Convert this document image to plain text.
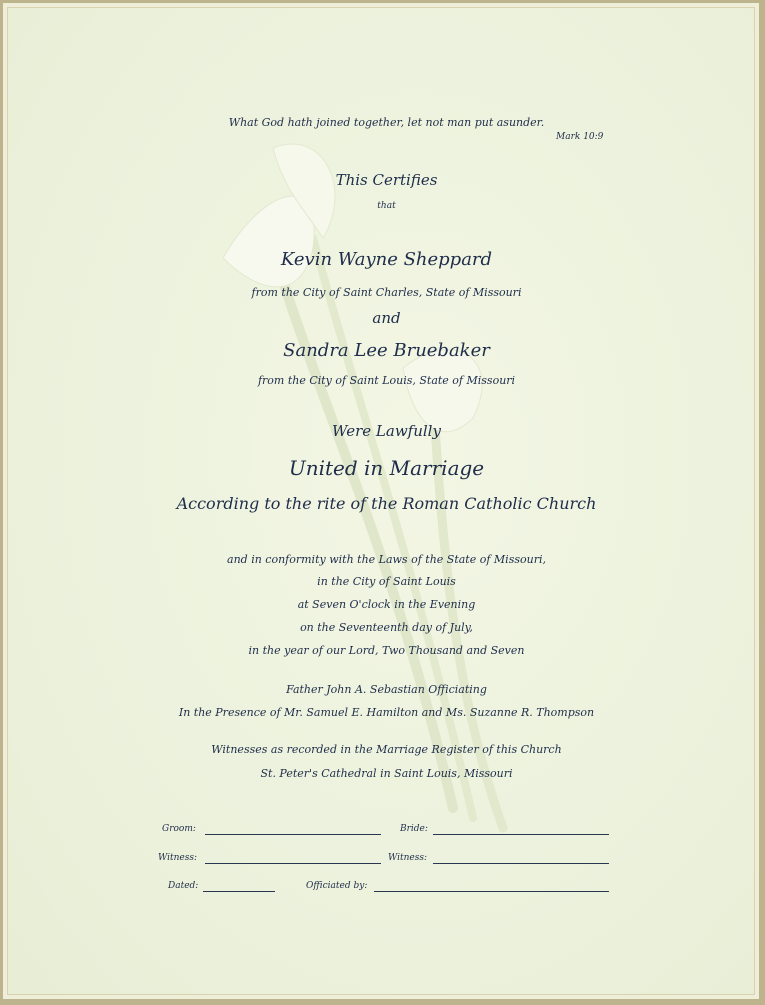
What God hath joined together, let not man put asunder.
Mark 10:9
This Certifies
that
Kevin Wayne Sheppard
from the City of Saint Charles, State of Missouri
and
Sandra Lee Bruebaker
from the City of Saint Louis, State of Missouri
Were Lawfully
United in Marriage
According to the rite of the Roman Catholic Church
and in conformity with the Laws of the State of Missouri,
in the City of Saint Louis
at Seven O'clock in the Evening
on the Seventeenth day of July,
in the year of our Lord, Two Thousand and Seven
Father John A. Sebastian Officiating
In the Presence of Mr. Samuel E. Hamilton and Ms. Suzanne R. Thompson
Witnesses as recorded in the Marriage Register of this Church
St. Peter's Cathedral in Saint Louis, Missouri
Groom:	Bride:
Witness:	Witness:
Dated:	Officiated by:
